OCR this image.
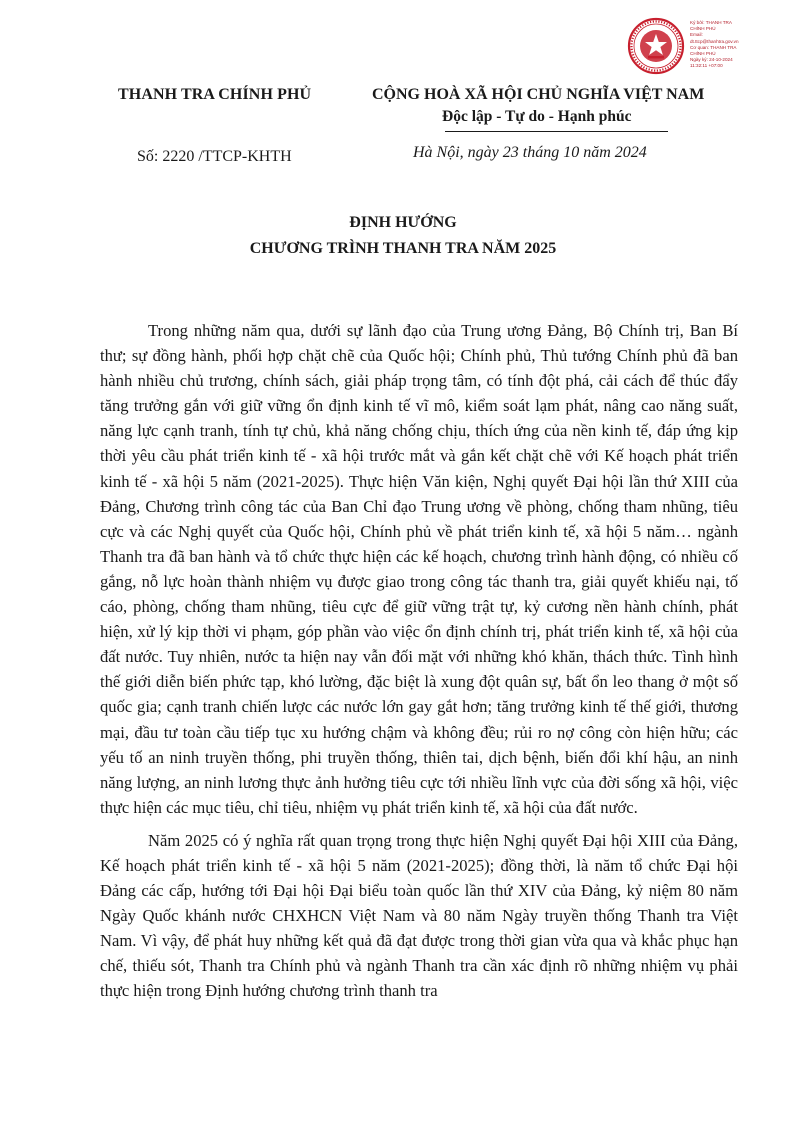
Ký bởi: THANH TRA
CHÍNH PHỦ
Email:
dt.ttcp@thanhtra.gov.vn
Cơ quan: THANH TRA
CHÍNH PHỦ
Ngày ký: 24-10-2024
11:32:11 +07:00
THANH TRA CHÍNH PHỦ	CỘNG HOÀ XÃ HỘI CHỦ NGHĨA VIỆT NAM
Độc lập - Tự do - Hạnh phúc
Số: 2220 /TTCP-KHTH	Hà Nội, ngày 23 tháng 10 năm 2024
ĐỊNH HƯỚNG
CHƯƠNG TRÌNH THANH TRA NĂM 2025

Trong những năm qua, dưới sự lãnh đạo của Trung ương Đảng, Bộ Chính trị, Ban Bí thư; sự đồng hành, phối hợp chặt chẽ của Quốc hội; Chính phủ, Thủ tướng Chính phủ đã ban hành nhiều chủ trương, chính sách, giải pháp trọng tâm, có tính đột phá, cải cách để thúc đẩy tăng trưởng gắn với giữ vững ổn định kinh tế vĩ mô, kiểm soát lạm phát, nâng cao năng suất, năng lực cạnh tranh, tính tự chủ, khả năng chống chịu, thích ứng của nền kinh tế, đáp ứng kịp thời yêu cầu phát triển kinh tế - xã hội trước mắt và gắn kết chặt chẽ với Kế hoạch phát triển kinh tế - xã hội 5 năm (2021-2025). Thực hiện Văn kiện, Nghị quyết Đại hội lần thứ XIII của Đảng, Chương trình công tác của Ban Chỉ đạo Trung ương về phòng, chống tham nhũng, tiêu cực và các Nghị quyết của Quốc hội, Chính phủ về phát triển kinh tế, xã hội 5 năm… ngành Thanh tra đã ban hành và tổ chức thực hiện các kế hoạch, chương trình hành động, có nhiều cố gắng, nỗ lực hoàn thành nhiệm vụ được giao trong công tác thanh tra, giải quyết khiếu nại, tố cáo, phòng, chống tham nhũng, tiêu cực để giữ vững trật tự, kỷ cương nền hành chính, phát hiện, xử lý kịp thời vi phạm, góp phần vào việc ổn định chính trị, phát triển kinh tế, xã hội của đất nước. Tuy nhiên, nước ta hiện nay vẫn đối mặt với những khó khăn, thách thức. Tình hình thế giới diễn biến phức tạp, khó lường, đặc biệt là xung đột quân sự, bất ổn leo thang ở một số quốc gia; cạnh tranh chiến lược các nước lớn gay gắt hơn; tăng trưởng kinh tế thế giới, thương mại, đầu tư toàn cầu tiếp tục xu hướng chậm và không đều; rủi ro nợ công còn hiện hữu; các yếu tố an ninh truyền thống, phi truyền thống, thiên tai, dịch bệnh, biến đổi khí hậu, an ninh năng lượng, an ninh lương thực ảnh hưởng tiêu cực tới nhiều lĩnh vực của đời sống xã hội, việc thực hiện các mục tiêu, chỉ tiêu, nhiệm vụ phát triển kinh tế, xã hội của đất nước.

Năm 2025 có ý nghĩa rất quan trọng trong thực hiện Nghị quyết Đại hội XIII của Đảng, Kế hoạch phát triển kinh tế - xã hội 5 năm (2021-2025); đồng thời, là năm tổ chức Đại hội Đảng các cấp, hướng tới Đại hội Đại biểu toàn quốc lần thứ XIV của Đảng, kỷ niệm 80 năm Ngày Quốc khánh nước CHXHCN Việt Nam và 80 năm Ngày truyền thống Thanh tra Việt Nam. Vì vậy, để phát huy những kết quả đã đạt được trong thời gian vừa qua và khắc phục hạn chế, thiếu sót, Thanh tra Chính phủ và ngành Thanh tra cần xác định rõ những nhiệm vụ phải thực hiện trong Định hướng chương trình thanh tra
